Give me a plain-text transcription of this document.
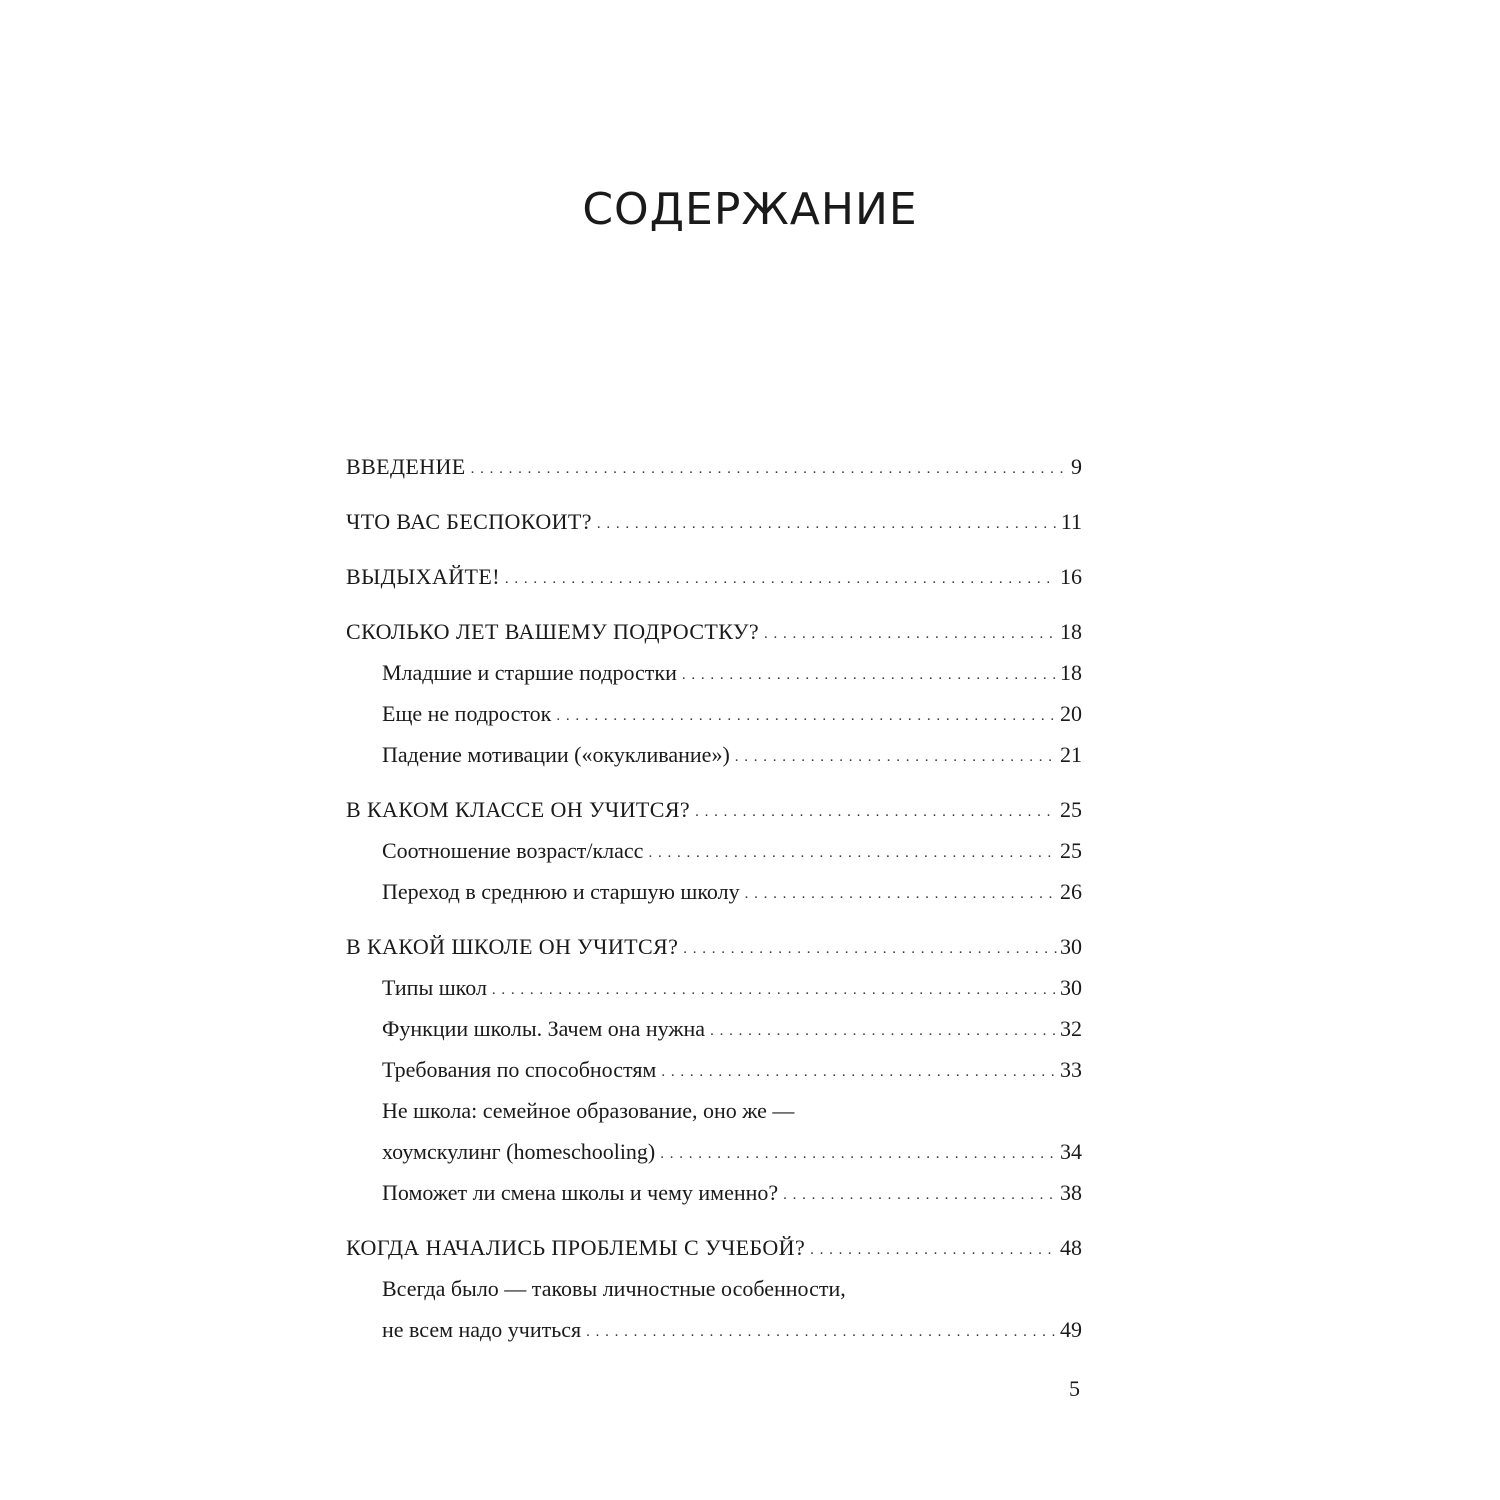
СОДЕРЖАНИЕ
ВВЕДЕНИЕ . . .	9
ЧТО ВАС БЕСПОКОИТ? . . .	11
ВЫДЫХАЙТЕ! . . .	16
СКОЛЬКО ЛЕТ ВАШЕМУ ПОДРОСТКУ? . . .	18
Младшие и старшие подростки . . .	18
Еще не подросток . . .	20
Падение мотивации («окукливание») . . .	21
В КАКОМ КЛАССЕ ОН УЧИТСЯ? . . .	25
Соотношение возраст/класс . . .	25
Переход в среднюю и старшую школу . . .	26
В КАКОЙ ШКОЛЕ ОН УЧИТСЯ? . . .	30
Типы школ . . .	30
Функции школы. Зачем она нужна . . .	32
Требования по способностям . . .	33
Не школа: семейное образование, оно же —
хоумскулинг (homeschooling) . . .	34
Поможет ли смена школы и чему именно? . . .	38
КОГДА НАЧАЛИСЬ ПРОБЛЕМЫ С УЧЕБОЙ? . . .	48
Всегда было — таковы личностные особенности,
не всем надо учиться . . .	49
5
